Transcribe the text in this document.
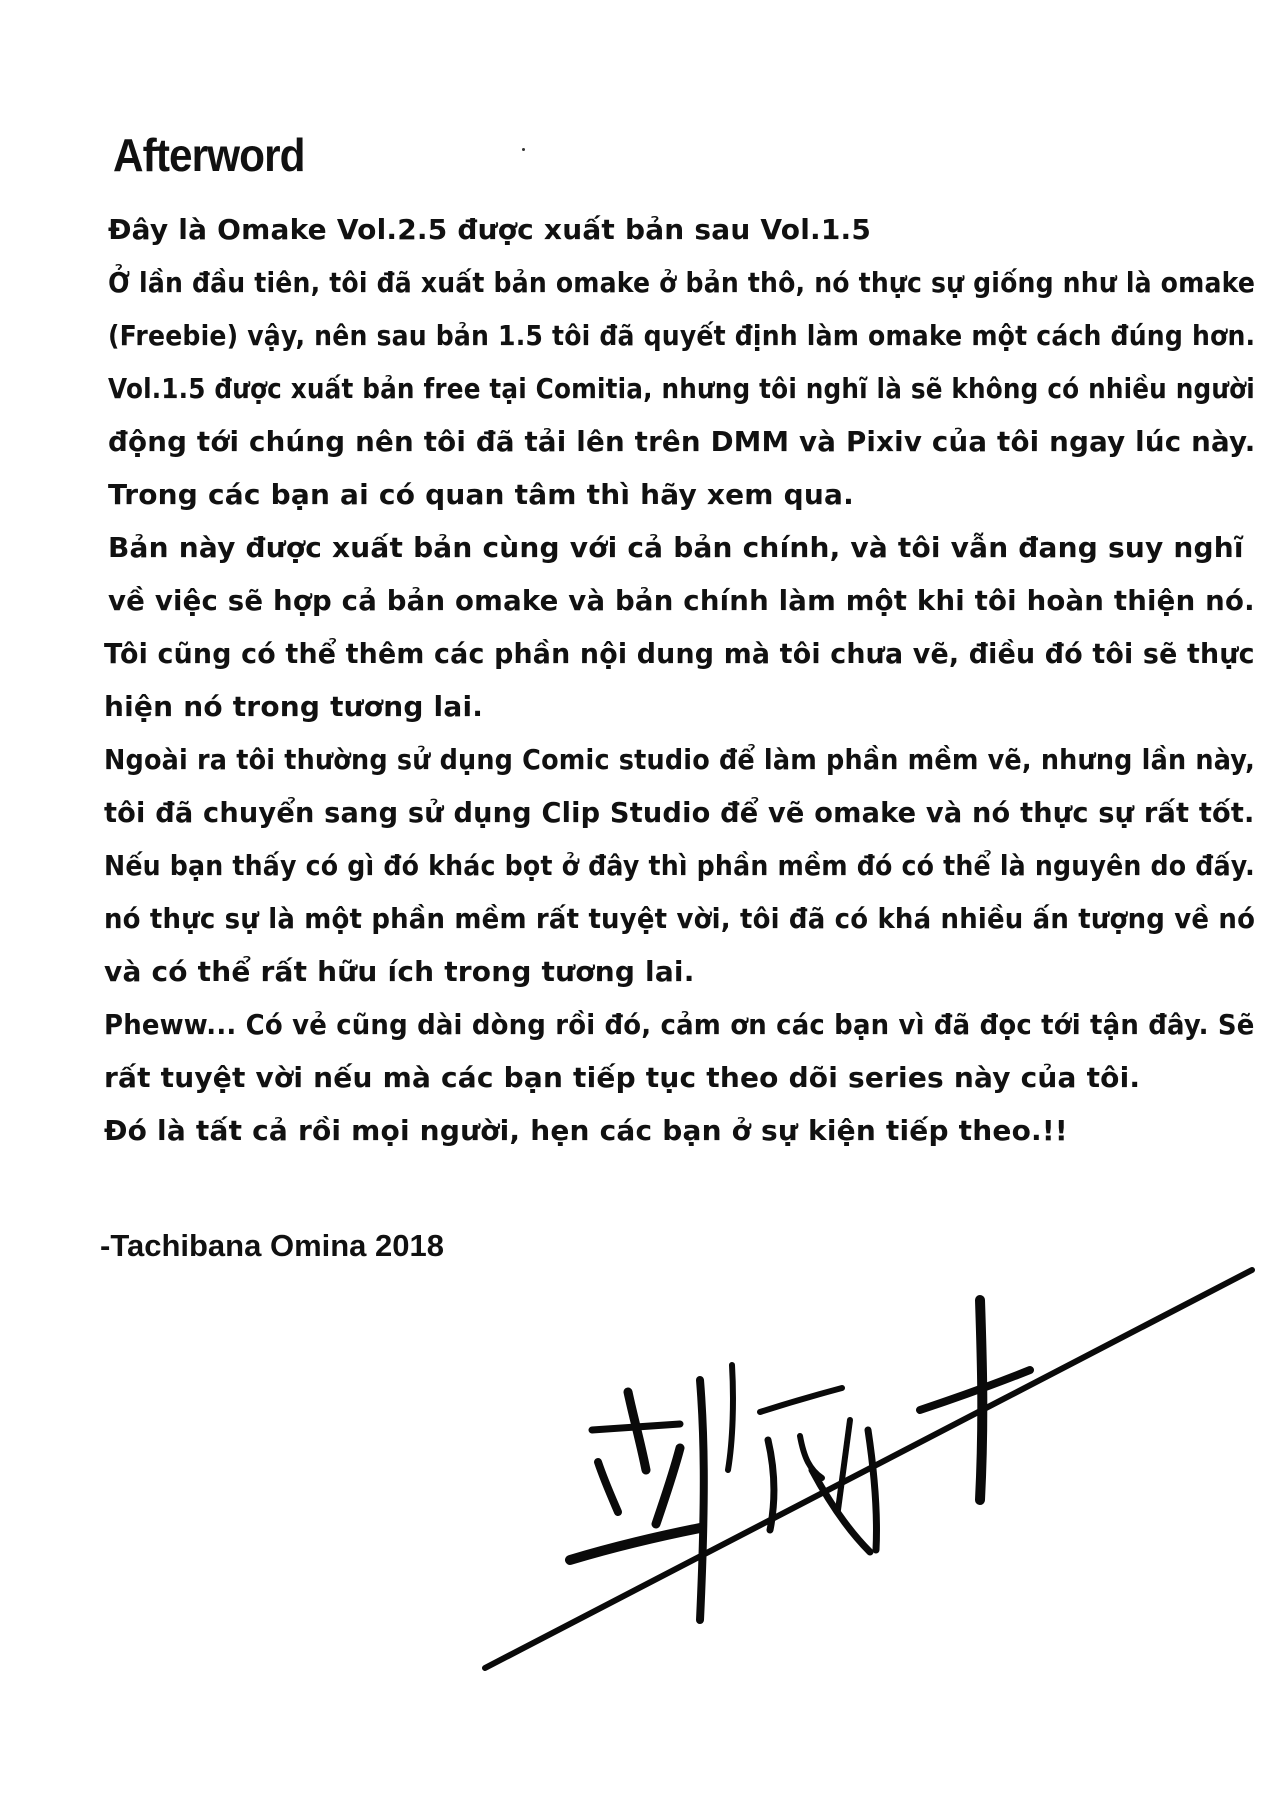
Afterword
Đây là Omake Vol.2.5 được xuất bản sau Vol.1.5
Ở lần đầu tiên, tôi đã xuất bản omake ở bản thô, nó thực sự giống như là omake
(Freebie) vậy, nên sau bản 1.5 tôi đã quyết định làm omake một cách đúng hơn.
Vol.1.5 được xuất bản free tại Comitia, nhưng tôi nghĩ là sẽ không có nhiều người
động tới chúng nên tôi đã tải lên trên DMM và Pixiv của tôi ngay lúc này.
Trong các bạn ai có quan tâm thì hãy xem qua.
Bản này được xuất bản cùng với cả bản chính, và tôi vẫn đang suy nghĩ
về việc sẽ hợp cả bản omake và bản chính làm một khi tôi hoàn thiện nó.
Tôi cũng có thể thêm các phần nội dung mà tôi chưa vẽ, điều đó tôi sẽ thực
hiện nó trong tương lai.
Ngoài ra tôi thường sử dụng Comic studio để làm phần mềm vẽ, nhưng lần này,
tôi đã chuyển sang sử dụng Clip Studio để vẽ omake và nó thực sự rất tốt.
Nếu bạn thấy có gì đó khác bọt ở đây thì phần mềm đó có thể là nguyên do đấy.
nó thực sự là một phần mềm rất tuyệt vời, tôi đã có khá nhiều ấn tượng về nó
và có thể rất hữu ích trong tương lai.
Pheww... Có vẻ cũng dài dòng rồi đó, cảm ơn các bạn vì đã đọc tới tận đây. Sẽ
rất tuyệt vời nếu mà các bạn tiếp tục theo dõi series này của tôi.
Đó là tất cả rồi mọi người, hẹn các bạn ở sự kiện tiếp theo.!!
-Tachibana Omina 2018
